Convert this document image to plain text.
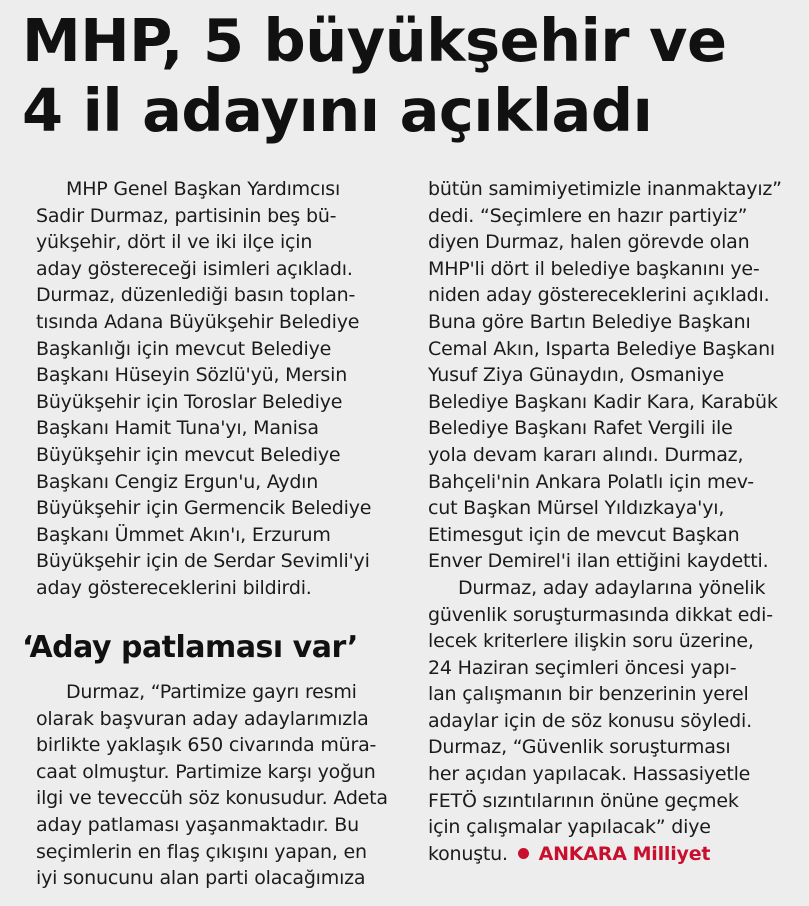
MHP, 5 büyükşehir ve
4 il adayını açıkladı
MHP Genel Başkan Yardımcısı
Sadir Durmaz, partisinin beş bü-
yükşehir, dört il ve iki ilçe için
aday göstereceği isimleri açıkladı.
Durmaz, düzenlediği basın toplan-
tısında Adana Büyükşehir Belediye
Başkanlığı için mevcut Belediye
Başkanı Hüseyin Sözlü'yü, Mersin
Büyükşehir için Toroslar Belediye
Başkanı Hamit Tuna'yı, Manisa
Büyükşehir için mevcut Belediye
Başkanı Cengiz Ergun'u, Aydın
Büyükşehir için Germencik Belediye
Başkanı Ümmet Akın'ı, Erzurum
Büyükşehir için de Serdar Sevimli'yi
aday göstereceklerini bildirdi.
‘Aday patlaması var’
Durmaz, “Partimize gayrı resmi
olarak başvuran aday adaylarımızla
birlikte yaklaşık 650 civarında müra-
caat olmuştur. Partimize karşı yoğun
ilgi ve teveccüh söz konusudur. Adeta
aday patlaması yaşanmaktadır. Bu
seçimlerin en flaş çıkışını yapan, en
iyi sonucunu alan parti olacağımıza
bütün samimiyetimizle inanmaktayız”
dedi. “Seçimlere en hazır partiyiz”
diyen Durmaz, halen görevde olan
MHP'li dört il belediye başkanını ye-
niden aday göstereceklerini açıkladı.
Buna göre Bartın Belediye Başkanı
Cemal Akın, Isparta Belediye Başkanı
Yusuf Ziya Günaydın, Osmaniye
Belediye Başkanı Kadir Kara, Karabük
Belediye Başkanı Rafet Vergili ile
yola devam kararı alındı. Durmaz,
Bahçeli'nin Ankara Polatlı için mev-
cut Başkan Mürsel Yıldızkaya'yı,
Etimesgut için de mevcut Başkan
Enver Demirel'i ilan ettiğini kaydetti.
Durmaz, aday adaylarına yönelik
güvenlik soruşturmasında dikkat edi-
lecek kriterlere ilişkin soru üzerine,
24 Haziran seçimleri öncesi yapı-
lan çalışmanın bir benzerinin yerel
adaylar için de söz konusu söyledi.
Durmaz, “Güvenlik soruşturması
her açıdan yapılacak. Hassasiyetle
FETÖ sızıntılarının önüne geçmek
için çalışmalar yapılacak” diye
konuştu. ANKARA Milliyet
